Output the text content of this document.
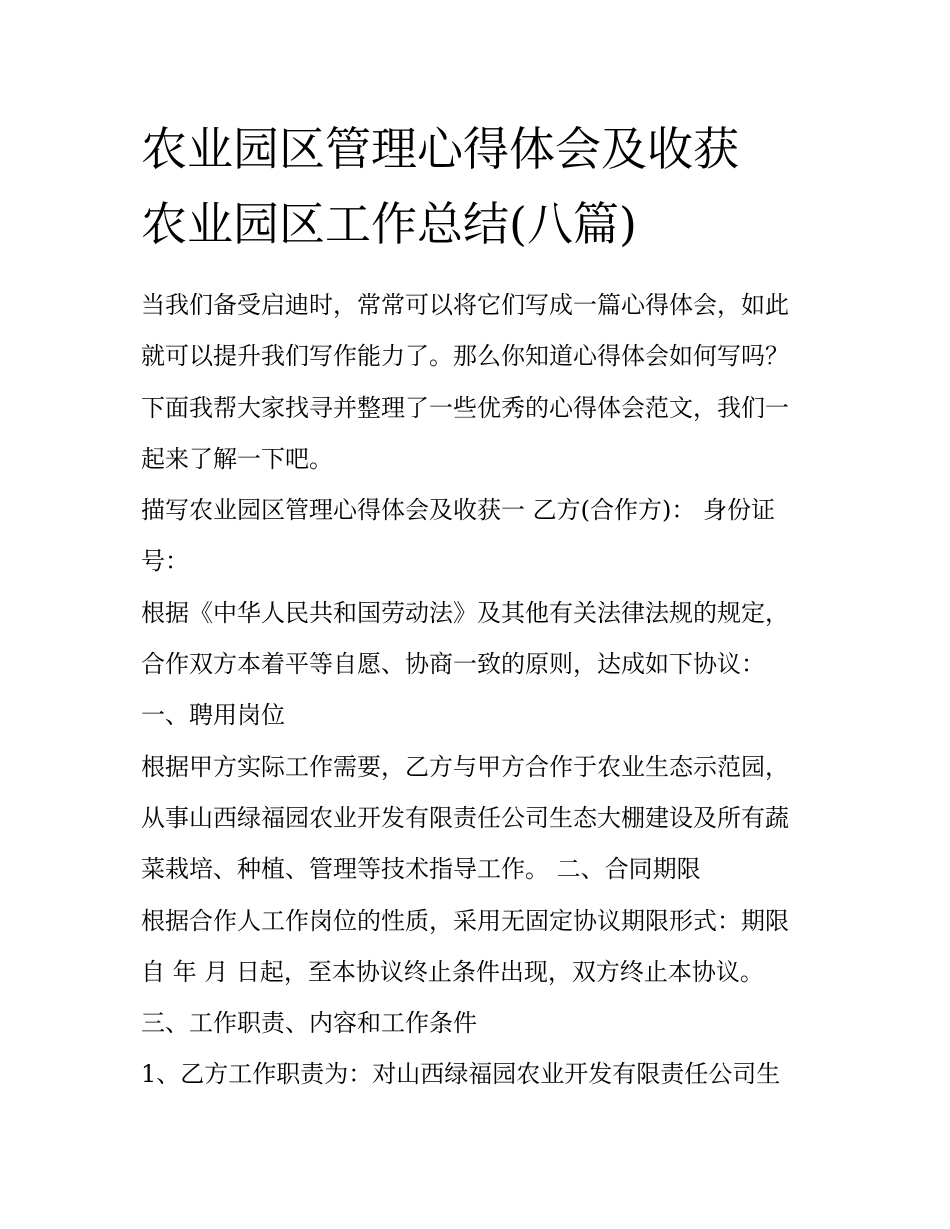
农业园区管理心得体会及收获
农业园区工作总结(八篇)

当我们备受启迪时，常常可以将它们写成一篇心得体会，如此
就可以提升我们写作能力了。那么你知道心得体会如何写吗？
下面我帮大家找寻并整理了一些优秀的心得体会范文，我们一
起来了解一下吧。

描写农业园区管理心得体会及收获一 乙方(合作方)： 身份证
号：

根据《中华人民共和国劳动法》及其他有关法律法规的规定，
合作双方本着平等自愿、协商一致的原则，达成如下协议：

一、聘用岗位

根据甲方实际工作需要，乙方与甲方合作于农业生态示范园，
从事山西绿福园农业开发有限责任公司生态大棚建设及所有蔬
菜栽培、种植、管理等技术指导工作。 二、合同期限

根据合作人工作岗位的性质，采用无固定协议期限形式：期限
自 年 月 日起，至本协议终止条件出现，双方终止本协议。

三、工作职责、内容和工作条件

1、乙方工作职责为：对山西绿福园农业开发有限责任公司生
